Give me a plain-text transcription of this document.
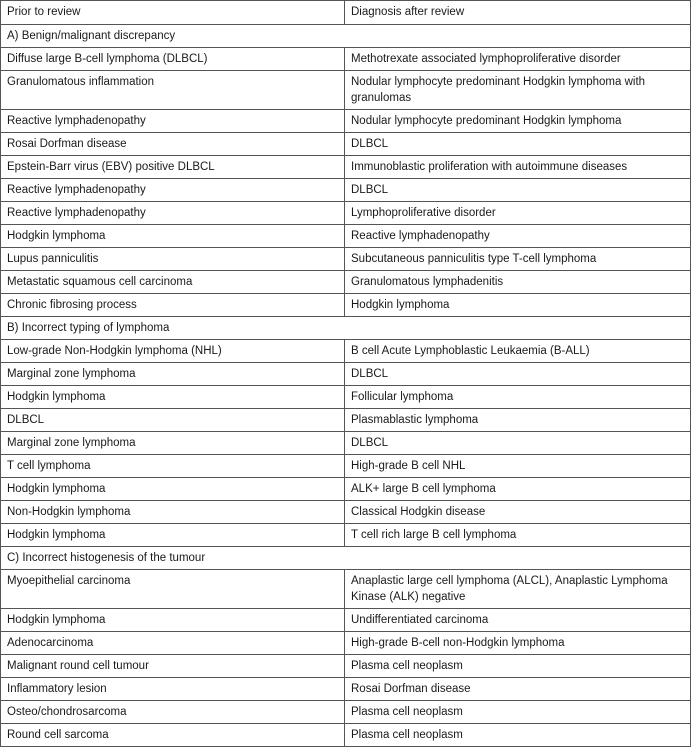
Prior to review	Diagnosis after review
A) Benign/malignant discrepancy	
Diffuse large B-cell lymphoma (DLBCL)	Methotrexate associated lymphoproliferative disorder
Granulomatous inflammation	Nodular lymphocyte predominant Hodgkin lymphoma with granulomas
Reactive lymphadenopathy	Nodular lymphocyte predominant Hodgkin lymphoma
Rosai Dorfman disease	DLBCL
Epstein-Barr virus (EBV) positive DLBCL	Immunoblastic proliferation with autoimmune diseases
Reactive lymphadenopathy	DLBCL
Reactive lymphadenopathy	Lymphoproliferative disorder
Hodgkin lymphoma	Reactive lymphadenopathy
Lupus panniculitis	Subcutaneous panniculitis type T-cell lymphoma
Metastatic squamous cell carcinoma	Granulomatous lymphadenitis
Chronic fibrosing process	Hodgkin lymphoma
B) Incorrect typing of lymphoma	
Low-grade Non-Hodgkin lymphoma (NHL)	B cell Acute Lymphoblastic Leukaemia (B-ALL)
Marginal zone lymphoma	DLBCL
Hodgkin lymphoma	Follicular lymphoma
DLBCL	Plasmablastic lymphoma
Marginal zone lymphoma	DLBCL
T cell lymphoma	High-grade B cell NHL
Hodgkin lymphoma	ALK+ large B cell lymphoma
Non-Hodgkin lymphoma	Classical Hodgkin disease
Hodgkin lymphoma	T cell rich large B cell lymphoma
C) Incorrect histogenesis of the tumour	
Myoepithelial carcinoma	Anaplastic large cell lymphoma (ALCL), Anaplastic Lymphoma Kinase (ALK) negative
Hodgkin lymphoma	Undifferentiated carcinoma
Adenocarcinoma	High-grade B-cell non-Hodgkin lymphoma
Malignant round cell tumour	Plasma cell neoplasm
Inflammatory lesion	Rosai Dorfman disease
Osteo/chondrosarcoma	Plasma cell neoplasm
Round cell sarcoma	Plasma cell neoplasm
